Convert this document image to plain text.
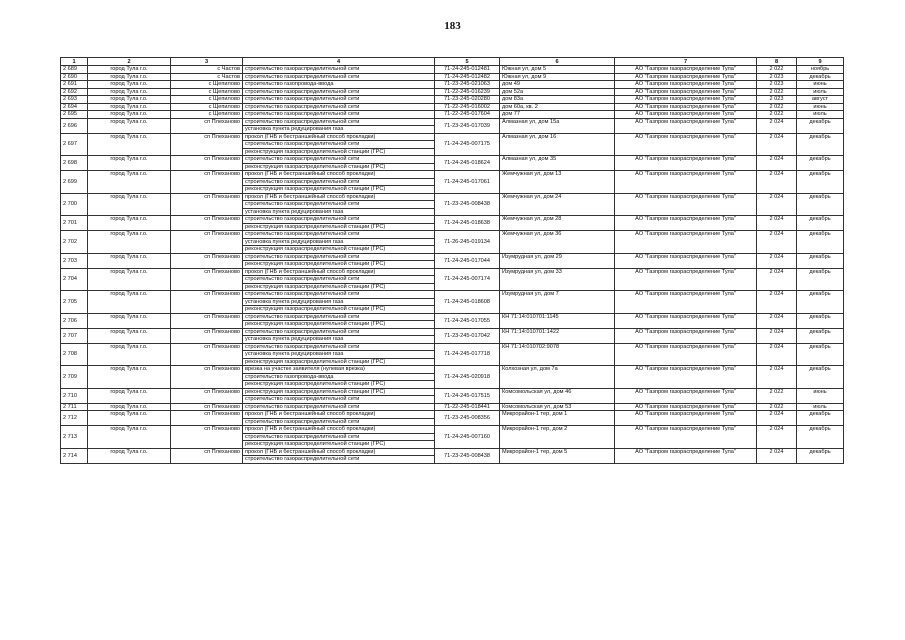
183
1	2	3	4	5	6	7	8	9
2 689	город Тула г.о.	с Частов	строительство газораспределительной сети	71-24-245-012481	Южная ул, дом 5	АО "Газпром газораспределение Тула"	2 022	ноябрь
2 690	город Тула г.о.	с Частов	строительство газораспределительной сети	71-24-245-012482	Южная ул, дом 9	АО "Газпром газораспределение Тула"	2 023	декабрь
2 691	город Тула г.о.	с Щепилово	строительство газопровода-ввода	71-23-245-021063	дом 49	АО "Газпром газораспределение Тула"	2 023	июнь
2 692	город Тула г.о.	с Щепилово	строительство газораспределительной сети	71-22-245-016239	дом 52а	АО "Газпром газораспределение Тула"	2 022	июль
2 693	город Тула г.о.	с Щепилово	строительство газораспределительной сети	71-23-245-020280	дом 83а	АО "Газпром газораспределение Тула"	2 023	август
2 694	город Тула г.о.	с Щепилово	строительство газораспределительной сети	71-22-245-016002	дом 60а, кв. 2	АО "Газпром газораспределение Тула"	2 022	июнь
2 695	город Тула г.о.	с Щепилово	строительство газораспределительной сети	71-22-245-017604	дом 77	АО "Газпром газораспределение Тула"	2 022	июль
2 696	город Тула г.о.	сп Плеханово	строительство газораспределительной сети	71-23-245-017039	Алмазная ул, дом 15а	АО "Газпром газораспределение Тула"	2 024	декабрь
			установка пункта редуцирования газа					
2 697	город Тула г.о.	сп Плеханово	прокол (ГНБ и бестраншейный способ прокладки)	71-24-245-007175	Алмазная ул, дом 16	АО "Газпром газораспределение Тула"	2 024	декабрь
			строительство газораспределительной сети					
			реконструкция газораспределительной станции (ГРС)					
2 698	город Тула г.о.	сп Плеханово	строительство газораспределительной сети	71-24-245-018624	Алмазная ул, дом 35	АО "Газпром газораспределение Тула"	2 024	декабрь
			реконструкция газораспределительной станции (ГРС)					
2 699	город Тула г.о.	сп Плеханово	прокол (ГНБ и бестраншейный способ прокладки)	71-24-245-017061	Жемчужная ул, дом 13	АО "Газпром газораспределение Тула"	2 024	декабрь
			строительство газораспределительной сети					
			реконструкция газораспределительной станции (ГРС)					
2 700	город Тула г.о.	сп Плеханово	прокол (ГНБ и бестраншейный способ прокладки)	71-23-245-008438	Жемчужная ул, дом 24	АО "Газпром газораспределение Тула"	2 024	декабрь
			строительство газораспределительной сети					
			установка пункта редуцирования газа					
2 701	город Тула г.о.	сп Плеханово	строительство газораспределительной сети	71-24-245-018638	Жемчужная ул, дом 28	АО "Газпром газораспределение Тула"	2 024	декабрь
			реконструкция газораспределительной станции (ГРС)					
2 702	город Тула г.о.	сп Плеханово	строительство газораспределительной сети	71-26-245-019134	Жемчужная ул, дом 36	АО "Газпром газораспределение Тула"	2 024	декабрь
			установка пункта редуцирования газа					
			реконструкция газораспределительной станции (ГРС)					
2 703	город Тула г.о.	сп Плеханово	строительство газораспределительной сети	71-24-245-017044	Изумрудная ул, дом 29	АО "Газпром газораспределение Тула"	2 024	декабрь
			реконструкция газораспределительной станции (ГРС)					
2 704	город Тула г.о.	сп Плеханово	прокол (ГНБ и бестраншейный способ прокладки)	71-24-245-007174	Изумрудная ул, дом 33	АО "Газпром газораспределение Тула"	2 024	декабрь
			строительство газораспределительной сети					
			реконструкция газораспределительной станции (ГРС)					
2 705	город Тула г.о.	сп Плеханово	строительство газораспределительной сети	71-24-245-018608	Изумрудная ул, дом 7	АО "Газпром газораспределение Тула"	2 024	декабрь
			установка пункта редуцирования газа					
			реконструкция газораспределительной станции (ГРС)					
2 706	город Тула г.о.	сп Плеханово	строительство газораспределительной сети	71-24-245-017055	КН 71:14:010701:1145	АО "Газпром газораспределение Тула"	2 024	декабрь
			реконструкция газораспределительной станции (ГРС)					
2 707	город Тула г.о.	сп Плеханово	строительство газораспределительной сети	71-23-245-017042	КН 71:14:010701:1422	АО "Газпром газораспределение Тула"	2 024	декабрь
			установка пункта редуцирования газа					
2 708	город Тула г.о.	сп Плеханово	строительство газораспределительной сети	71-24-245-017718	КН 71:14:010702:9078	АО "Газпром газораспределение Тула"	2 024	декабрь
			установка пункта редуцирования газа					
			реконструкция газораспределительной станции (ГРС)					
2 709	город Тула г.о.	сп Плеханово	врезка на участке заявителя (нулевая врезка)	71-24-245-020918	Колхозная ул, дом 7а	АО "Газпром газораспределение Тула"	2 024	декабрь
			строительство газопровода-ввода					
			реконструкция газораспределительной станции (ГРС)					
2 710	город Тула г.о.	сп Плеханово	реконструкция газораспределительной станции (ГРС)	71-24-245-017515	Комсомольская ул, дом 46	АО "Газпром газораспределение Тула"	2 022	июнь
			строительство газораспределительной сети					
2 711	город Тула г.о.	сп Плеханово	строительство газораспределительной сети	71-22-245-018441	Комсомольская ул, дом 53	АО "Газпром газораспределение Тула"	2 022	июль
2 712	город Тула г.о.	сп Плеханово	прокол (ГНБ и бестраншейный способ прокладки)	71-23-245-008356	Микрорайон-1 тер, дом 1	АО "Газпром газораспределение Тула"	2 024	декабрь
			строительство газораспределительной сети					
2 713	город Тула г.о.	сп Плеханово	прокол (ГНБ и бестраншейный способ прокладки)	71-24-245-007160	Микрорайон-1 тер, дом 2	АО "Газпром газораспределение Тула"	2 024	декабрь
			строительство газораспределительной сети					
			реконструкция газораспределительной станции (ГРС)					
2 714	город Тула г.о.	сп Плеханово	прокол (ГНБ и бестраншейный способ прокладки)	71-23-245-008438	Микрорайон-1 тер, дом 5	АО "Газпром газораспределение Тула"	2 024	декабрь
			строительство газораспределительной сети					
